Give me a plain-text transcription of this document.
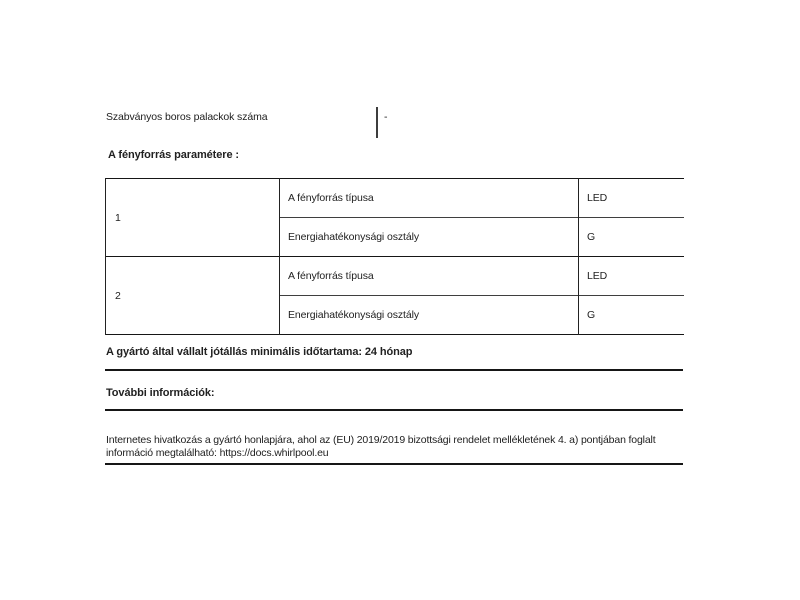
Szabványos boros palackok száma	-
A fényforrás paramétere :
1	A fényforrás típusa	LED
	Energiahatékonysági osztály	G
2	A fényforrás típusa	LED
	Energiahatékonysági osztály	G
A gyártó által vállalt jótállás minimális időtartama: 24 hónap
További információk:

Internetes hivatkozás a gyártó honlapjára, ahol az (EU) 2019/2019 bizottsági rendelet mellékletének 4. a) pontjában foglalt információ megtalálható: https://docs.whirlpool.eu
